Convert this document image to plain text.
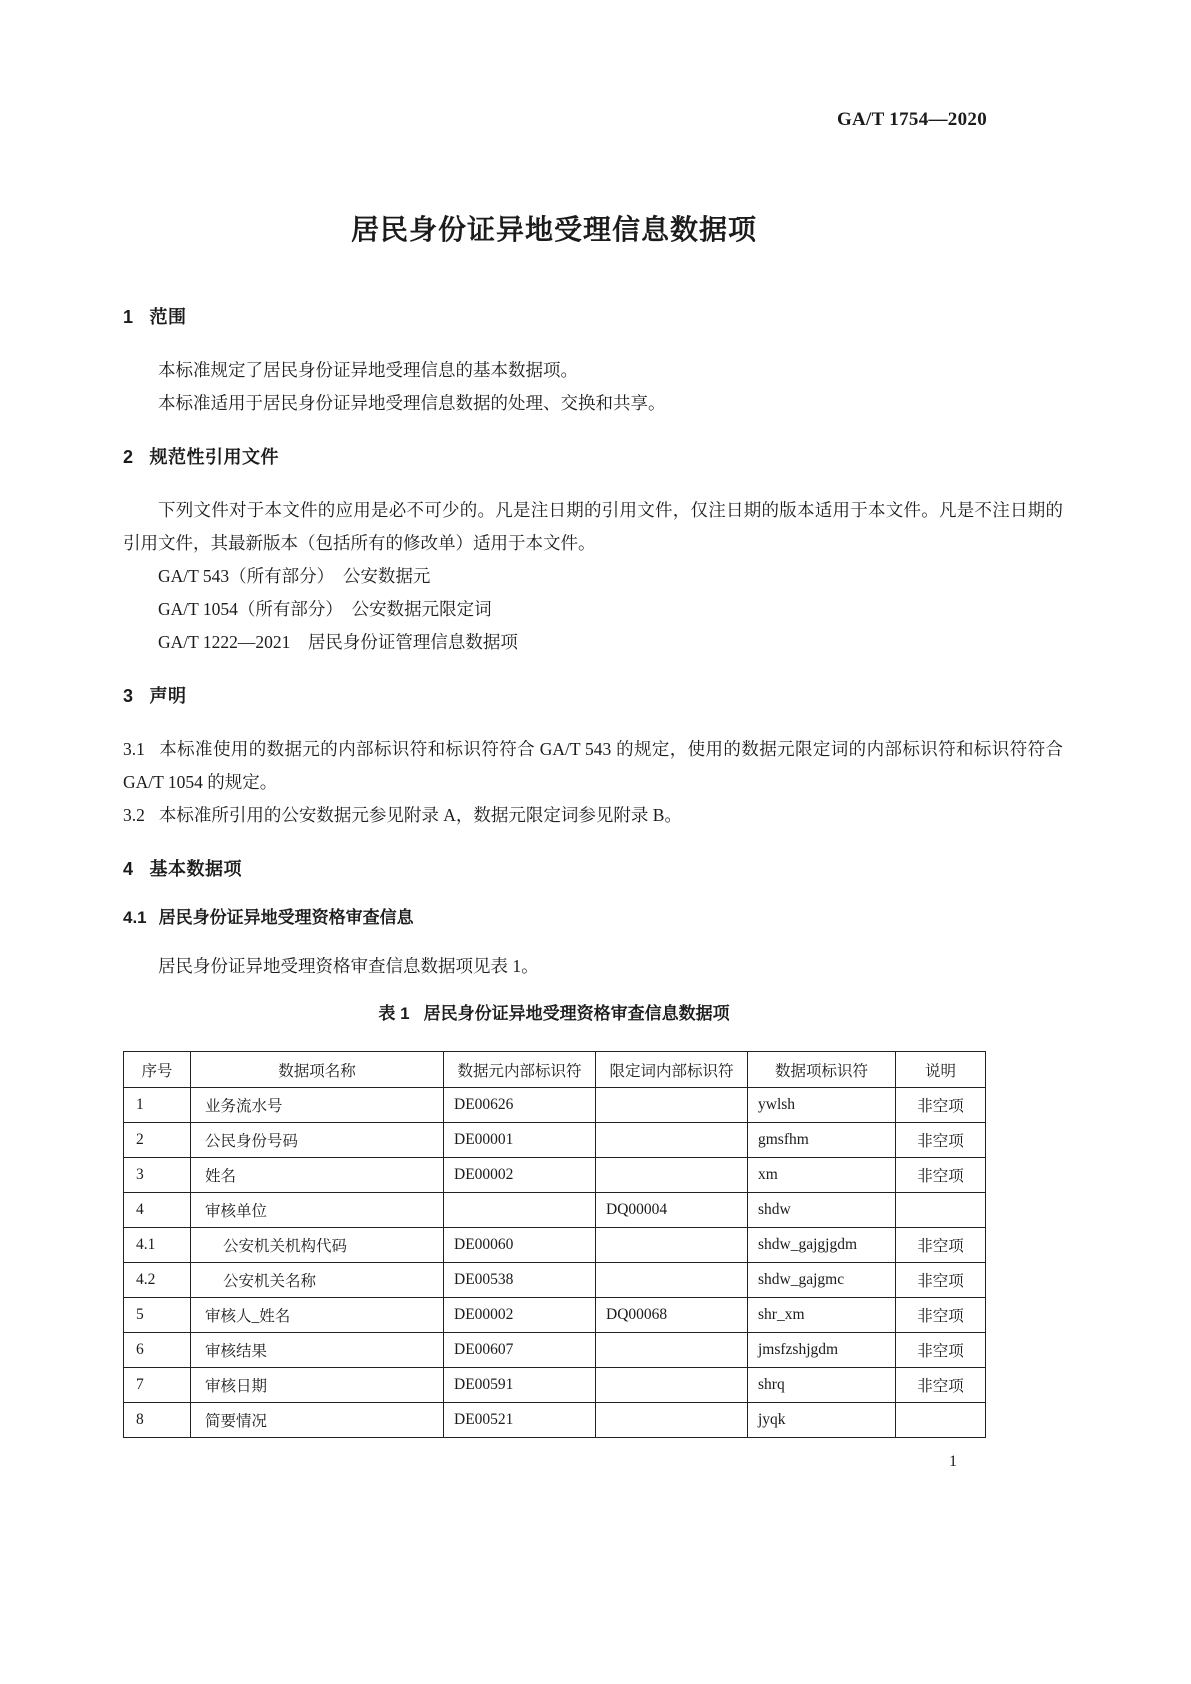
GA/T 1754—2020
居民身份证异地受理信息数据项
1 范围

本标准规定了居民身份证异地受理信息的基本数据项。

本标准适用于居民身份证异地受理信息数据的处理、交换和共享。

2 规范性引用文件

下列文件对于本文件的应用是必不可少的。凡是注日期的引用文件，仅注日期的版本适用于本文件。凡是不注日期的引用文件，其最新版本（包括所有的修改单）适用于本文件。

GA/T 543（所有部分）　公安数据元
GA/T 1054（所有部分）　公安数据元限定词
GA/T 1222—2021　居民身份证管理信息数据项
3 声明

3.1 本标准使用的数据元的内部标识符和标识符符合 GA/T 543 的规定，使用的数据元限定词的内部标识符和标识符符合 GA/T 1054 的规定。

3.2 本标准所引用的公安数据元参见附录 A，数据元限定词参见附录 B。

4 基本数据项
4.1 居民身份证异地受理资格审查信息

居民身份证异地受理资格审查信息数据项见表 1。

表 1 居民身份证异地受理资格审查信息数据项
序号	数据项名称	数据元内部标识符	限定词内部标识符	数据项标识符	说明
1	业务流水号	DE00626		ywlsh	非空项
2	公民身份号码	DE00001		gmsfhm	非空项
3	姓名	DE00002		xm	非空项
4	审核单位		DQ00004	shdw	
4.1	公安机关机构代码	DE00060		shdw_gajgjgdm	非空项
4.2	公安机关名称	DE00538		shdw_gajgmc	非空项
5	审核人_姓名	DE00002	DQ00068	shr_xm	非空项
6	审核结果	DE00607		jmsfzshjgdm	非空项
7	审核日期	DE00591		shrq	非空项
8	简要情况	DE00521		jyqk	
1
